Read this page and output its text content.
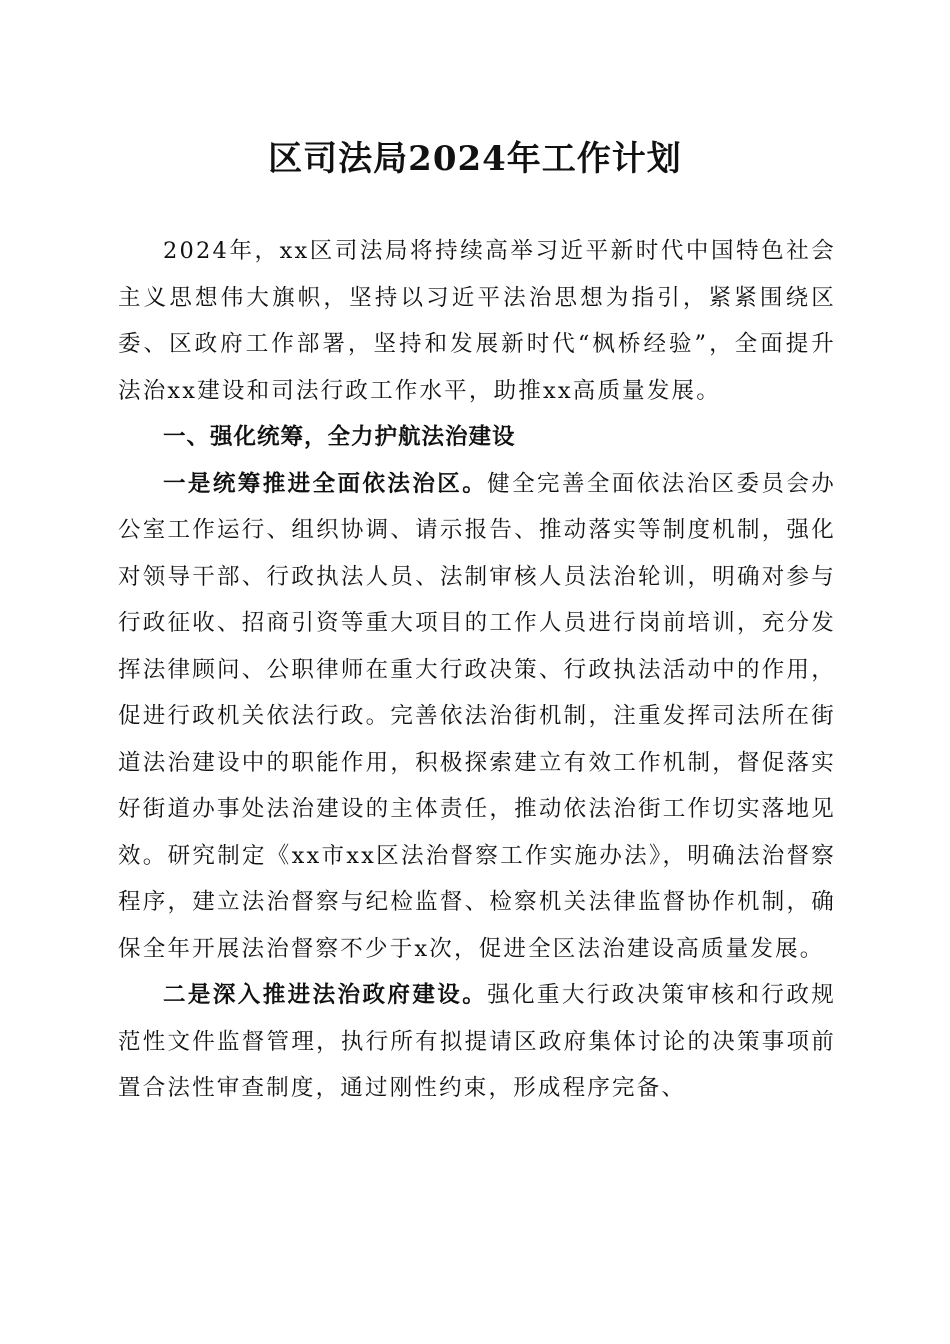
区司法局2024年工作计划

2024年，xx区司法局将持续高举习近平新时代中国特色社会主义思想伟大旗帜，坚持以习近平法治思想为指引，紧紧围绕区委、区政府工作部署，坚持和发展新时代“枫桥经验”，全面提升法治xx建设和司法行政工作水平，助推xx高质量发展。

一、强化统筹，全力护航法治建设

一是统筹推进全面依法治区。健全完善全面依法治区委员会办公室工作运行、组织协调、请示报告、推动落实等制度机制，强化对领导干部、行政执法人员、法制审核人员法治轮训，明确对参与行政征收、招商引资等重大项目的工作人员进行岗前培训，充分发挥法律顾问、公职律师在重大行政决策、行政执法活动中的作用，促进行政机关依法行政。完善依法治街机制，注重发挥司法所在街道法治建设中的职能作用，积极探索建立有效工作机制，督促落实好街道办事处法治建设的主体责任，推动依法治街工作切实落地见效。研究制定《xx市xx区法治督察工作实施办法》，明确法治督察程序，建立法治督察与纪检监督、检察机关法律监督协作机制，确保全年开展法治督察不少于x次，促进全区法治建设高质量发展。

二是深入推进法治政府建设。强化重大行政决策审核和行政规范性文件监督管理，执行所有拟提请区政府集体讨论的决策事项前置合法性审查制度，通过刚性约束，形成程序完备、
